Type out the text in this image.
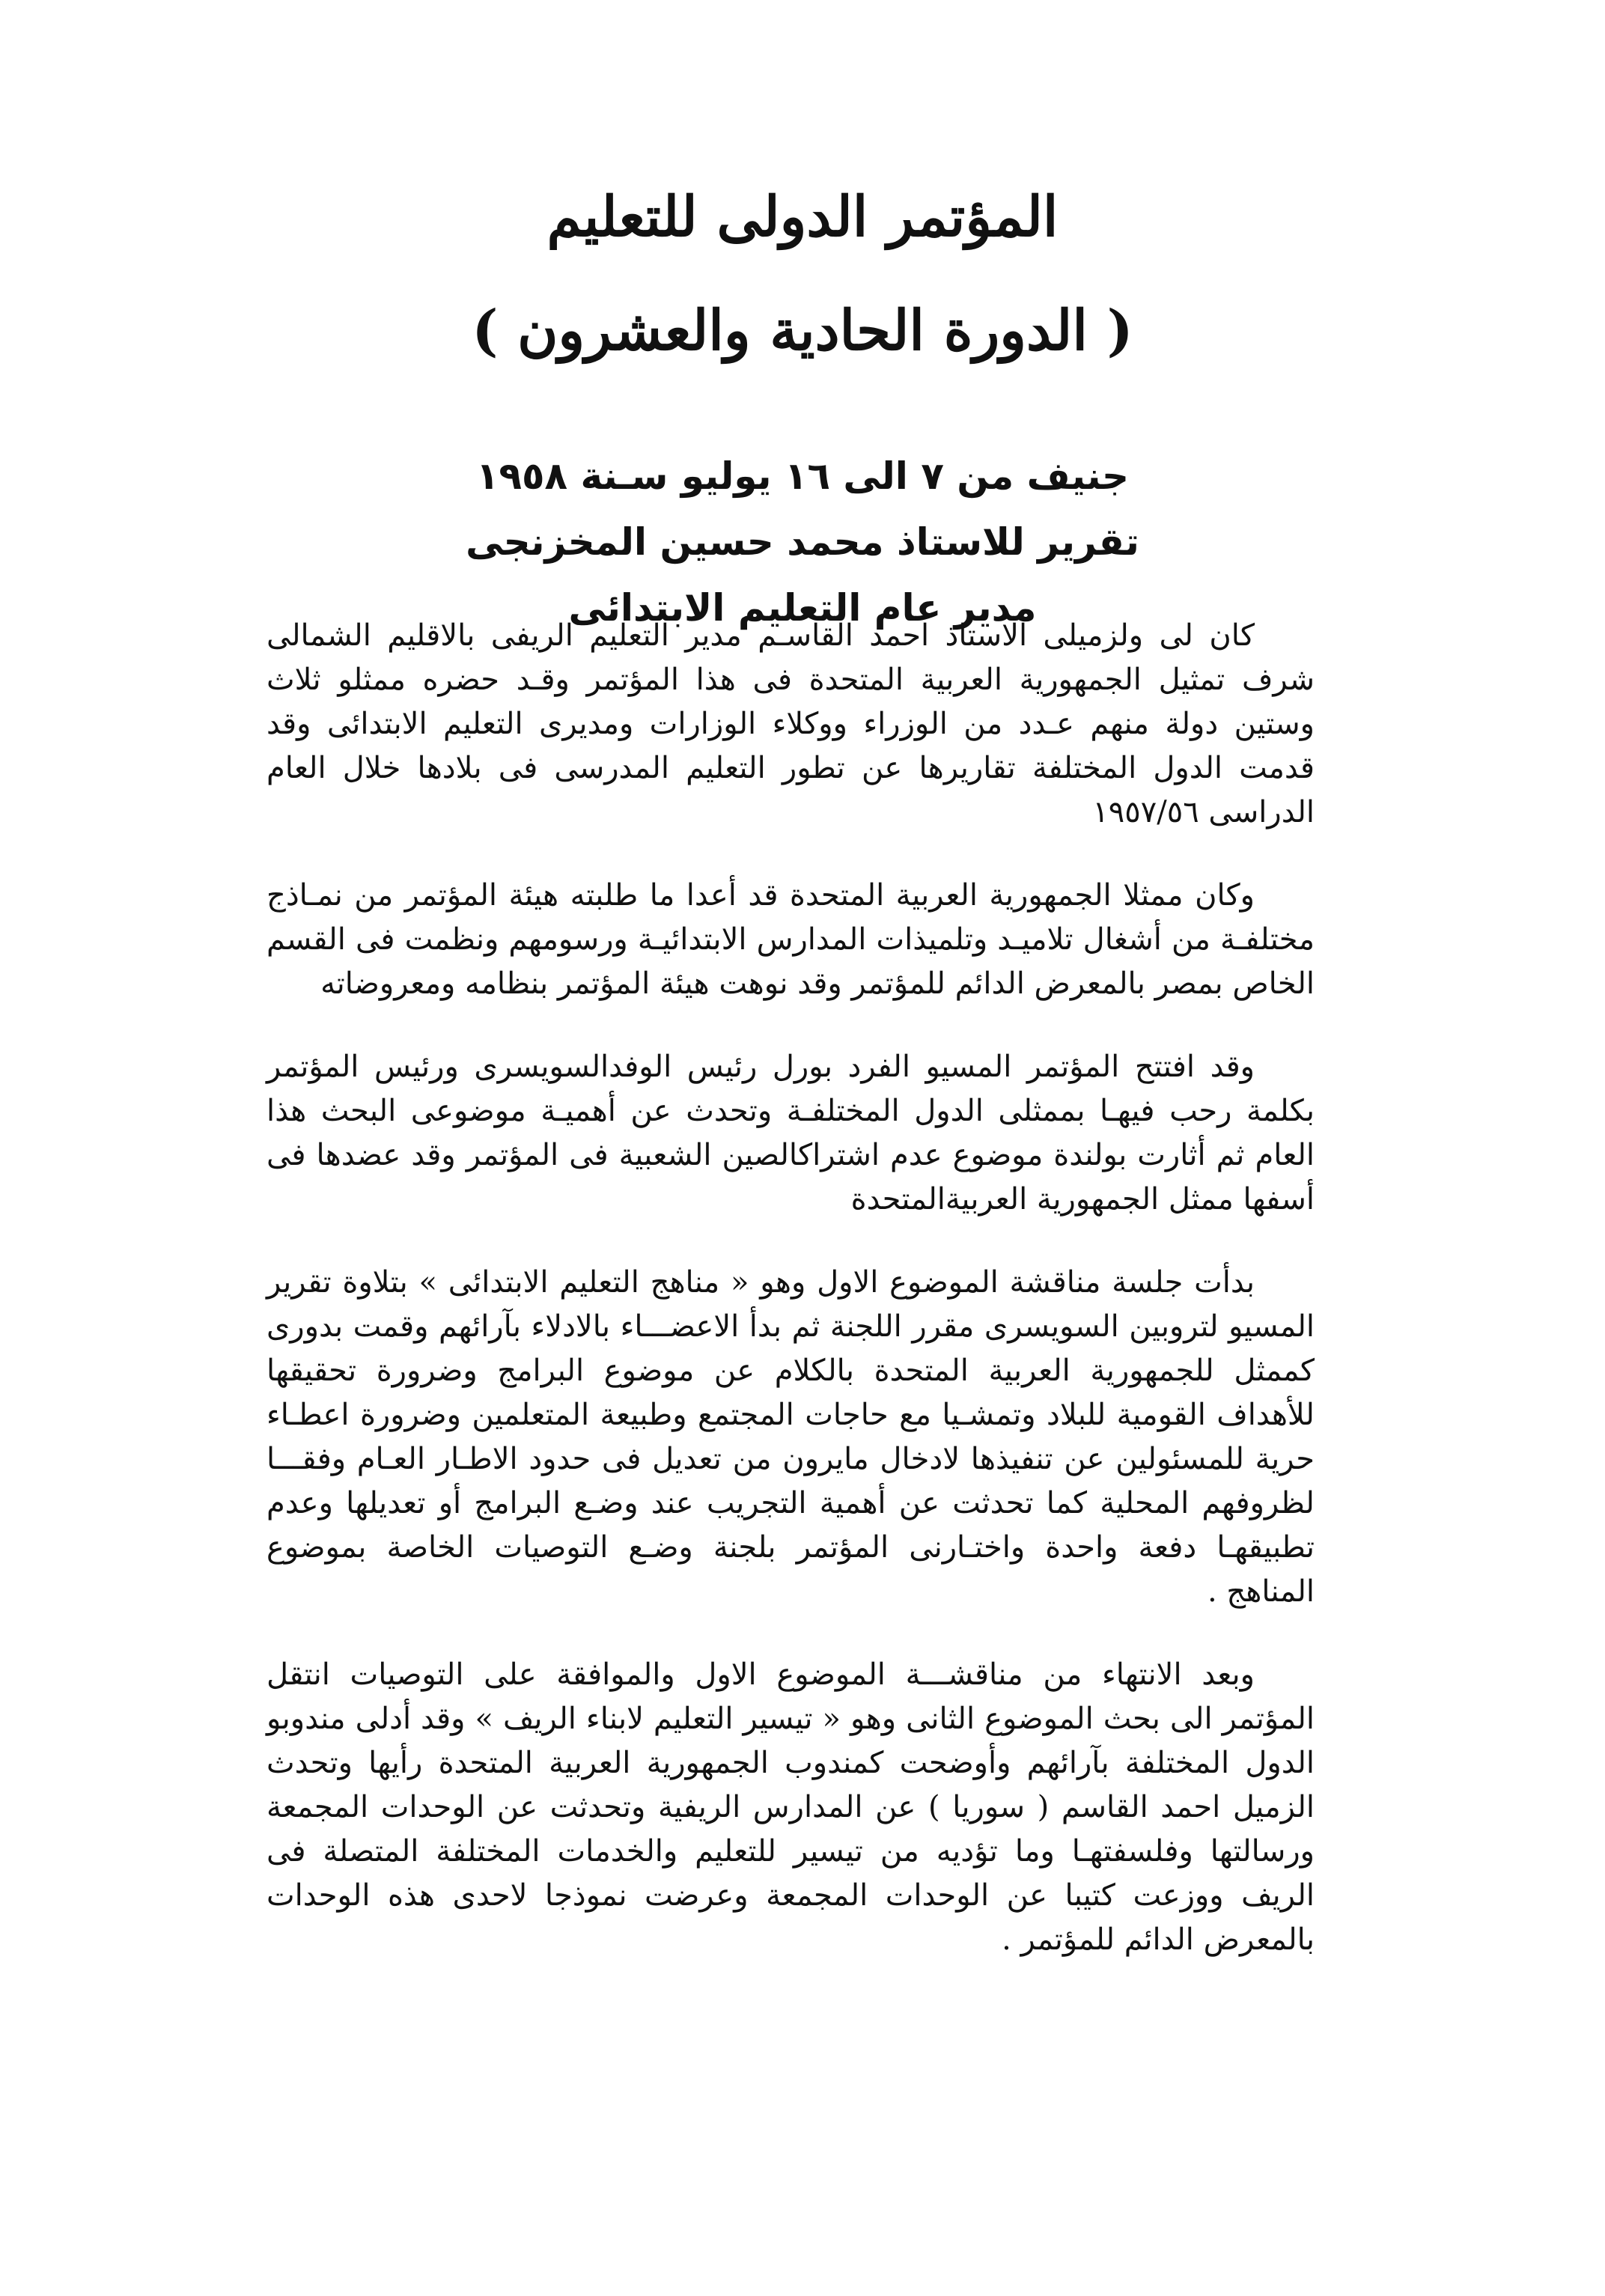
المؤتمر الدولى للتعليم
( الدورة الحادية والعشرون )

جنيف من ٧ الى ١٦ يوليو سـنة ١٩٥٨

تقرير للاستاذ محمد حسين المخزنجى

مدير عام التعليم الابتدائى

كان لى ولزميلى الاستاذ احمد القاسـم مدير التعليم الريفى بالاقليم الشمالى شرف تمثيل الجمهورية العربية المتحدة فى هذا المؤتمر وقـد حضره ممثلو ثلاث وستين دولة منهم عـدد من الوزراء ووكلاء الوزارات ومديرى التعليم الابتدائى وقد قدمت الدول المختلفة تقاريرها عن تطور التعليم المدرسى فى بلادها خلال العام الدراسى ١٩٥٧/٥٦

وكان ممثلا الجمهورية العربية المتحدة قد أعدا ما طلبته هيئة المؤتمر من نمـاذج مختلفـة من أشغال تلاميـد وتلميذات المدارس الابتدائيـة ورسومهم ونظمت فى القسم الخاص بمصر بالمعرض الدائم للمؤتمر وقد نوهت هيئة المؤتمر بنظامه ومعروضاته

وقد افتتح المؤتمر المسيو الفرد بورل رئيس الوفدالسويسرى ورئيس المؤتمر بكلمة رحب فيهـا بممثلى الدول المختلفـة وتحدث عن أهميـة موضوعى البحث هذا العام ثم أثارت بولندة موضوع عدم اشتراكالصين الشعبية فى المؤتمر وقد عضدها فى أسفها ممثل الجمهورية العربيةالمتحدة

بدأت جلسة مناقشة الموضوع الاول وهو « مناهج التعليم الابتدائى » بتلاوة تقرير المسيو لتروبين السويسرى مقرر اللجنة ثم بدأ الاعضـــاء بالادلاء بآرائهم وقمت بدورى كممثل للجمهورية العربية المتحدة بالكلام عن موضوع البرامج وضرورة تحقيقها للأهداف القومية للبلاد وتمشـيا مع حاجات المجتمع وطبيعة المتعلمين وضرورة اعطـاء حرية للمسئولين عن تنفيذها لادخال مايرون من تعديل فى حدود الاطـار العـام وفقـــا لظروفهم المحلية كما تحدثت عن أهمية التجريب عند وضـع البرامج أو تعديلها وعدم تطبيقهـا دفعة واحدة واختـارنى المؤتمر بلجنة وضـع التوصيات الخاصة بموضوع المناهج .

وبعد الانتهاء من مناقشـــة الموضوع الاول والموافقة على التوصيات انتقل المؤتمر الى بحث الموضوع الثانى وهو « تيسير التعليم لابناء الريف » وقد أدلى مندوبو الدول المختلفة بآرائهم وأوضحت كمندوب الجمهورية العربية المتحدة رأيها وتحدث الزميل احمد القاسم ( سوريا ) عن المدارس الريفية وتحدثت عن الوحدات المجمعة ورسالتها وفلسفتهـا وما تؤديه من تيسير للتعليم والخدمات المختلفة المتصلة فى الريف ووزعت كتيبا عن الوحدات المجمعة وعرضت نموذجا لاحدى هذه الوحدات بالمعرض الدائم للمؤتمر .
